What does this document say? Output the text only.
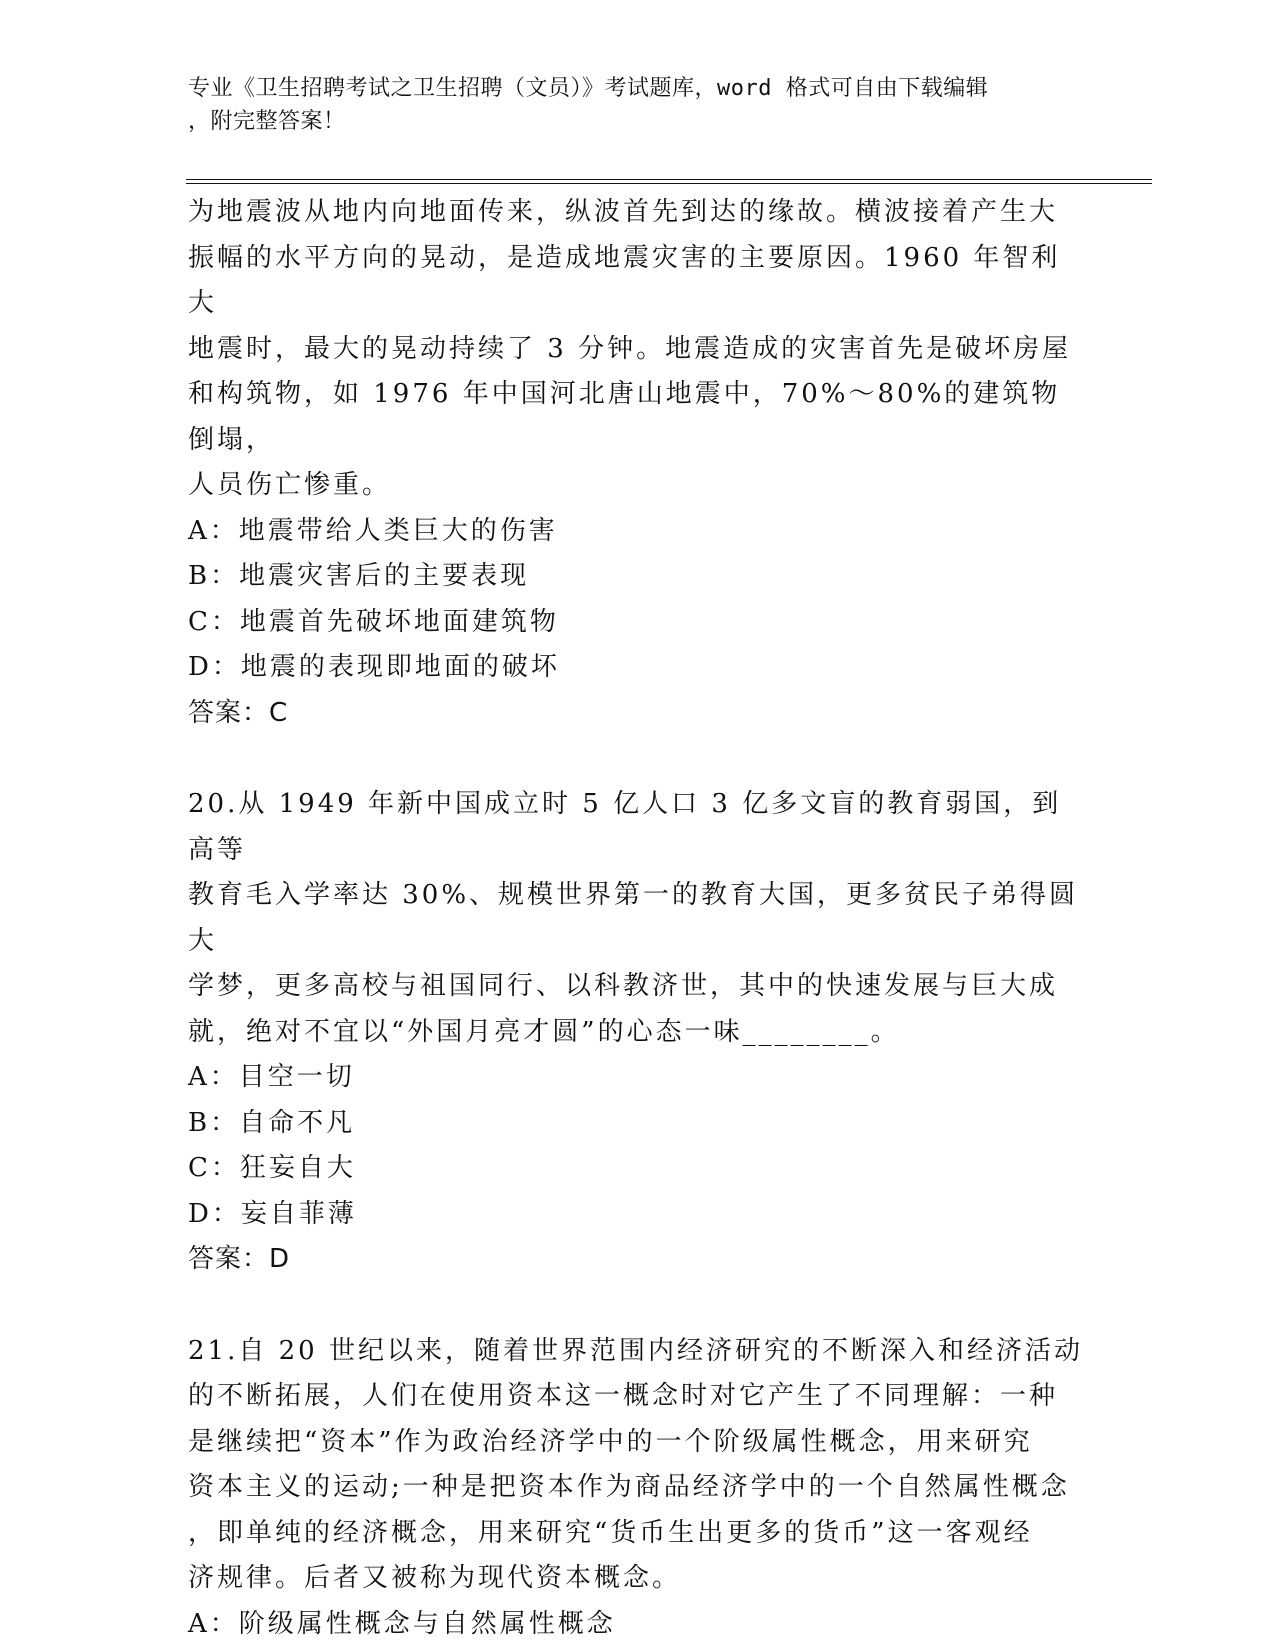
专业《卫生招聘考试之卫生招聘（文员）》考试题库，word 格式可自由下载编辑
，附完整答案！

为地震波从地内向地面传来，纵波首先到达的缘故。横波接着产生大

振幅的水平方向的晃动，是造成地震灾害的主要原因。1960 年智利大

地震时，最大的晃动持续了 3 分钟。地震造成的灾害首先是破坏房屋

和构筑物，如 1976 年中国河北唐山地震中，70%～80%的建筑物倒塌，

人员伤亡惨重。

A：地震带给人类巨大的伤害

B：地震灾害后的主要表现

C：地震首先破坏地面建筑物

D：地震的表现即地面的破坏

答案：C

20.从 1949 年新中国成立时 5 亿人口 3 亿多文盲的教育弱国，到高等

教育毛入学率达 30%、规模世界第一的教育大国，更多贫民子弟得圆大

学梦，更多高校与祖国同行、以科教济世，其中的快速发展与巨大成

就，绝对不宜以“外国月亮才圆”的心态一味________。

A：目空一切

B：自命不凡

C：狂妄自大

D：妄自菲薄

答案：D

21.自 20 世纪以来，随着世界范围内经济研究的不断深入和经济活动

的不断拓展，人们在使用资本这一概念时对它产生了不同理解：一种

是继续把“资本”作为政治经济学中的一个阶级属性概念，用来研究

资本主义的运动;一种是把资本作为商品经济学中的一个自然属性概念

，即单纯的经济概念，用来研究“货币生出更多的货币”这一客观经

济规律。后者又被称为现代资本概念。

A：阶级属性概念与自然属性概念
